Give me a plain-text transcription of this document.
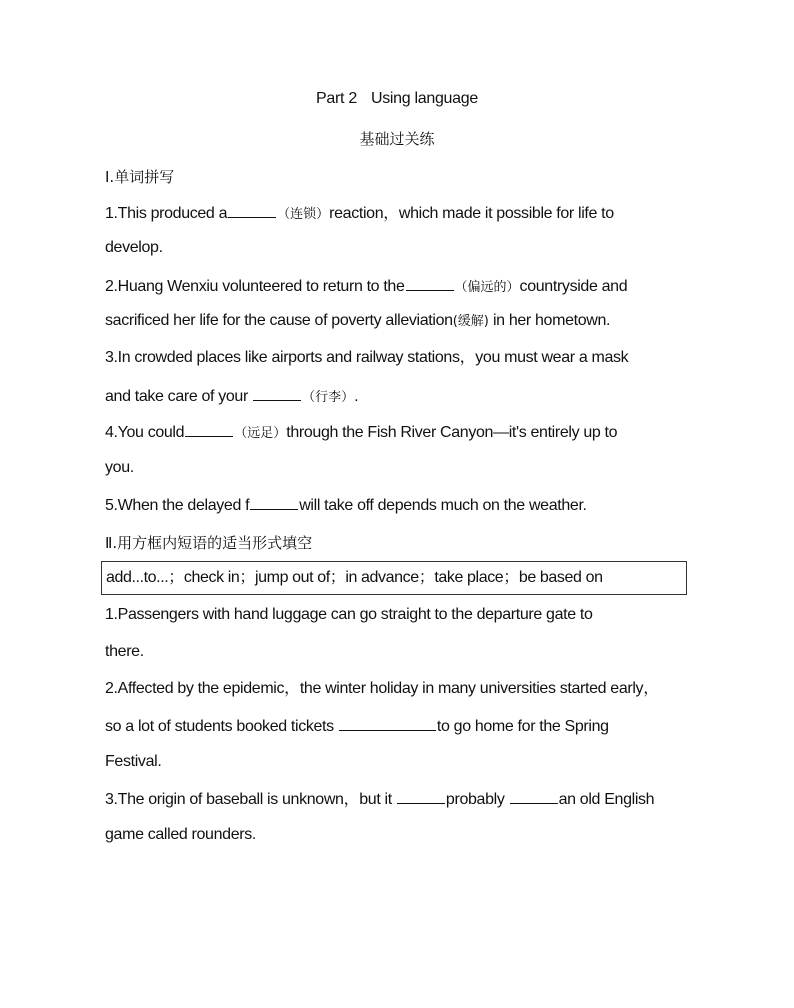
Part 2 Using language
基础过关练
Ⅰ.单词拼写
1.This produced a	（连锁）reaction，which made it possible for life to
develop.
2.Huang Wenxiu volunteered to return to the	（偏远的）countryside and
sacrificed her life for the cause of poverty alleviation(缓解) in her hometown.
3.In crowded places like airports and railway stations，you must wear a mask
and take care of your	（行李）.
4.You could	（远足）through the Fish River Canyon—it's entirely up to
you.
5.When the delayed f	will take off depends much on the weather.
Ⅱ.用方框内短语的适当形式填空
add...to...；check in；jump out of；in advance；take place；be based on
1.Passengers with hand luggage can go straight to the departure gate to
there.
2.Affected by the epidemic，the winter holiday in many universities started early，
so a lot of students booked tickets	to go home for the Spring
Festival.
3.The origin of baseball is unknown，but it	probably	an old English
game called rounders.
